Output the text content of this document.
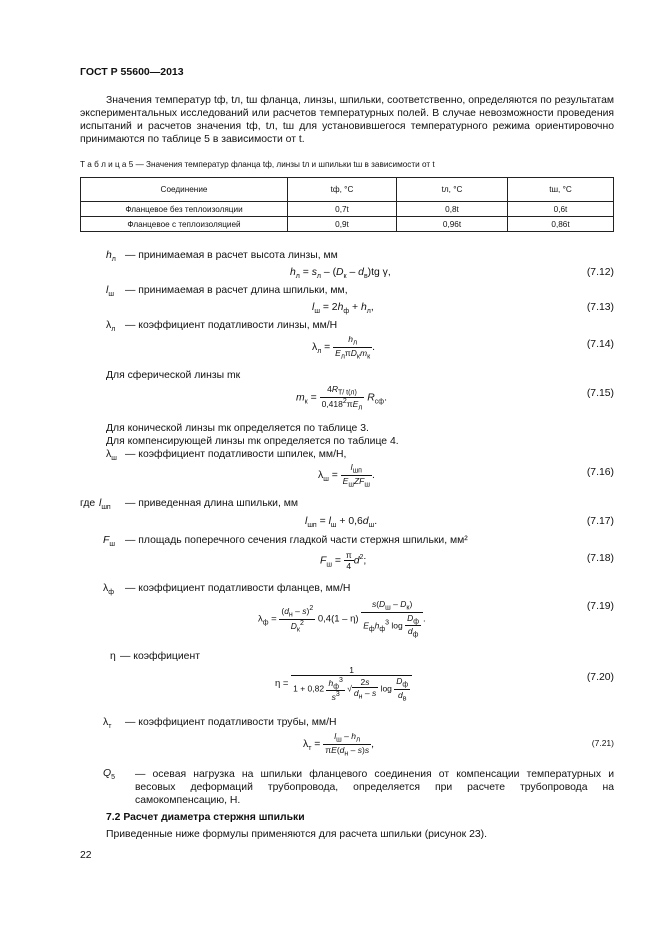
ГОСТ Р 55600—2013
Значения температур tф, tл, tш фланца, линзы, шпильки, соответственно, определяются по результатам экспериментальных исследований или расчетов температурных полей. В случае невозможности проведения испытаний и расчетов значения tф, tл, tш для установившегося температурного режима ориентировочно принимаются по таблице 5 в зависимости от t.
Т а б л и ц а 5 — Значения температур фланца tф, линзы tл и шпильки tш в зависимости от t
Соединение	tф, °С	tл, °С	tш, °С
Фланцевое без теплоизоляции	0,7t	0,8t	0,6t
Фланцевое с теплоизоляцией	0,9t	0,96t	0,86t
$h_л$ — принимаемая в расчет высота линзы, мм
$h_л = s_л - (D_к - d_в)tg$ γ,	(7.12)
$l_ш$ — принимаемая в расчет длина шпильки, мм,
$l_ш = 2h_ф + h_л$,	(7.13)
$\lambda_л$ — коэффициент податливости линзы, мм/Н
$\lambda_л = \frac{h_л}{E_л\pi D_кm_к}$ .	(7.14)
Для сферической линзы mк
$m_к = \frac{4R_{T/ t(л)}}{0,418^2\pi E_л} R_{сф}$.	(7.15)
Для конической линзы mк определяется по таблице 3.
Для компенсирующей линзы mк определяется по таблице 4.
$\lambda_ш$ — коэффициент податливости шпилек, мм/Н,
$\lambda_ш = \frac{l_{шп}}{E_шZF_ш}$ .	(7.16)
где $l_{шп}$ — приведенная длина шпильки, мм
$l_{шп} = l_ш + 0,6d_ш$.	(7.17)
$F_ш$ — площадь поперечного сечения гладкой части стержня шпильки, мм²
$F_ш = \frac{\pi}{4} d^2$;	(7.18)
$\lambda_ф$ — коэффициент податливости фланцев, мм/Н
$\lambda_ф = \frac{(d_н - s)^2}{D_к^2} 0,4(1 - \eta) \frac{s(D_ш - D_к)}{E_фh_ф^3 \log \frac{D_ф}{d_ф}}$ .
(7.19)
η — коэффициент
$\eta = \frac{1}{1 + 0,82 \frac{h_ф^3}{s^3} √ \frac{2s}{d_н - s} \log \frac{D_ф}{d_в}}$	(7.20)
$\lambda_т$ — коэффициент податливости трубы, мм/Н
$\lambda_т = \frac{l_ш - h_л}{\pi E(d_н - s)s}$ ,	(7.21)
$Q_5$ — осевая нагрузка на шпильки фланцевого соединения от компенсации температурных и весовых деформаций трубопровода, определяется при расчете трубопровода на самокомпенсацию, Н.
7.2 Расчет диаметра стержня шпильки
Приведенные ниже формулы применяются для расчета шпильки (рисунок 23).
22
